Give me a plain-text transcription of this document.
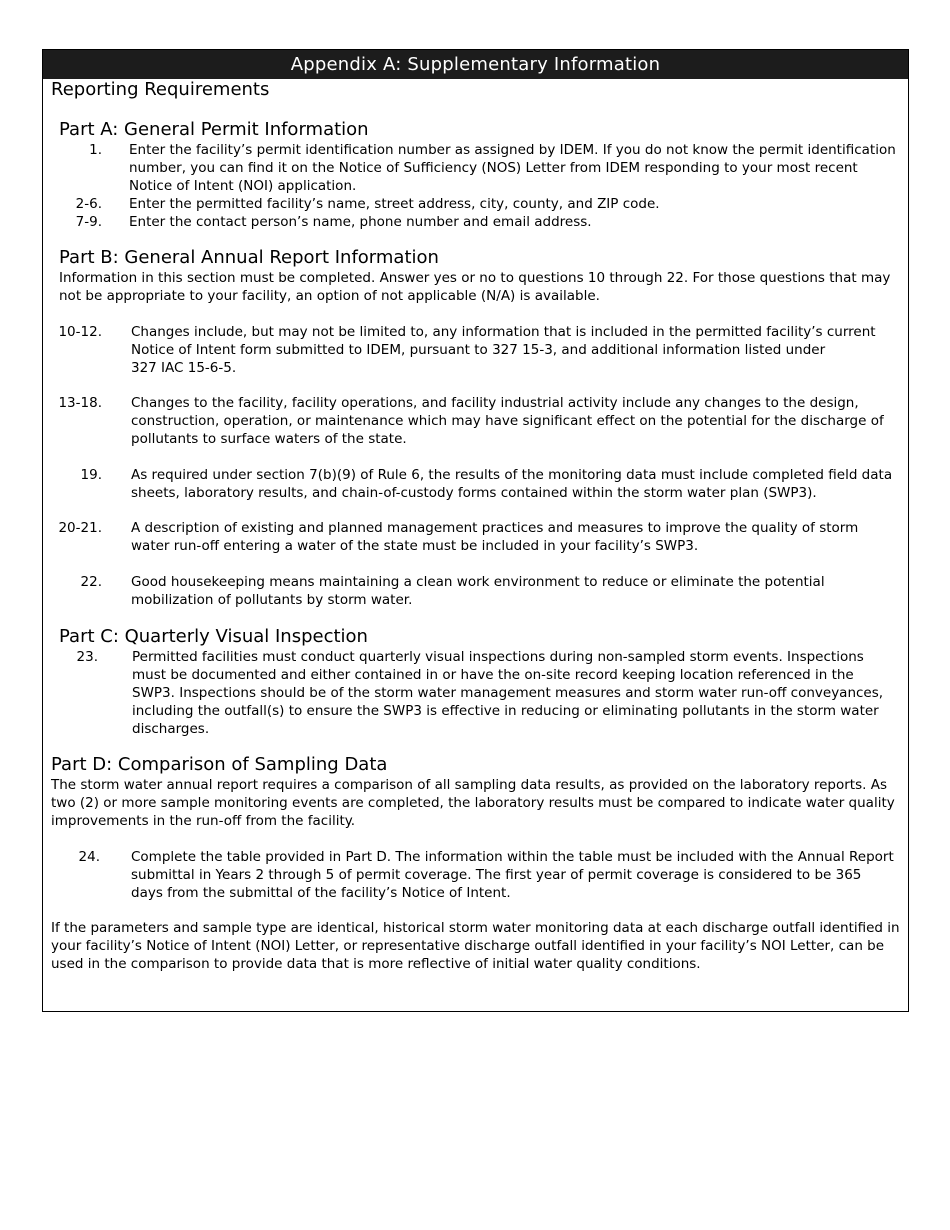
Appendix A: Supplementary Information
Reporting Requirements
Part A: General Permit Information
1. Enter the facility’s permit identification number as assigned by IDEM. If you do not know the permit identification
number, you can find it on the Notice of Sufficiency (NOS) Letter from IDEM responding to your most recent
Notice of Intent (NOI) application.
2-6. Enter the permitted facility’s name, street address, city, county, and ZIP code.
7-9. Enter the contact person’s name, phone number and email address.
Part B: General Annual Report Information
Information in this section must be completed. Answer yes or no to questions 10 through 22. For those questions that may
not be appropriate to your facility, an option of not applicable (N/A) is available.
10-12. Changes include, but may not be limited to, any information that is included in the permitted facility’s current
Notice of Intent form submitted to IDEM, pursuant to 327 15-3, and additional information listed under
327 IAC 15-6-5.
13-18. Changes to the facility, facility operations, and facility industrial activity include any changes to the design,
construction, operation, or maintenance which may have significant effect on the potential for the discharge of
pollutants to surface waters of the state.
19. As required under section 7(b)(9) of Rule 6, the results of the monitoring data must include completed field data
sheets, laboratory results, and chain-of-custody forms contained within the storm water plan (SWP3).
20-21. A description of existing and planned management practices and measures to improve the quality of storm
water run-off entering a water of the state must be included in your facility’s SWP3.
22. Good housekeeping means maintaining a clean work environment to reduce or eliminate the potential
mobilization of pollutants by storm water.
Part C: Quarterly Visual Inspection
23.	Permitted facilities must conduct quarterly visual inspections during non-sampled storm events. Inspections
must be documented and either contained in or have the on-site record keeping location referenced in the
SWP3. Inspections should be of the storm water management measures and storm water run-off conveyances,
including the outfall(s) to ensure the SWP3 is effective in reducing or eliminating pollutants in the storm water
discharges.
Part D: Comparison of Sampling Data
The storm water annual report requires a comparison of all sampling data results, as provided on the laboratory reports. As
two (2) or more sample monitoring events are completed, the laboratory results must be compared to indicate water quality
improvements in the run-off from the facility.
24. Complete the table provided in Part D. The information within the table must be included with the Annual Report
submittal in Years 2 through 5 of permit coverage. The first year of permit coverage is considered to be 365
days from the submittal of the facility’s Notice of Intent.
If the parameters and sample type are identical, historical storm water monitoring data at each discharge outfall identified in
your facility’s Notice of Intent (NOI) Letter, or representative discharge outfall identified in your facility’s NOI Letter, can be
used in the comparison to provide data that is more reflective of initial water quality conditions.
